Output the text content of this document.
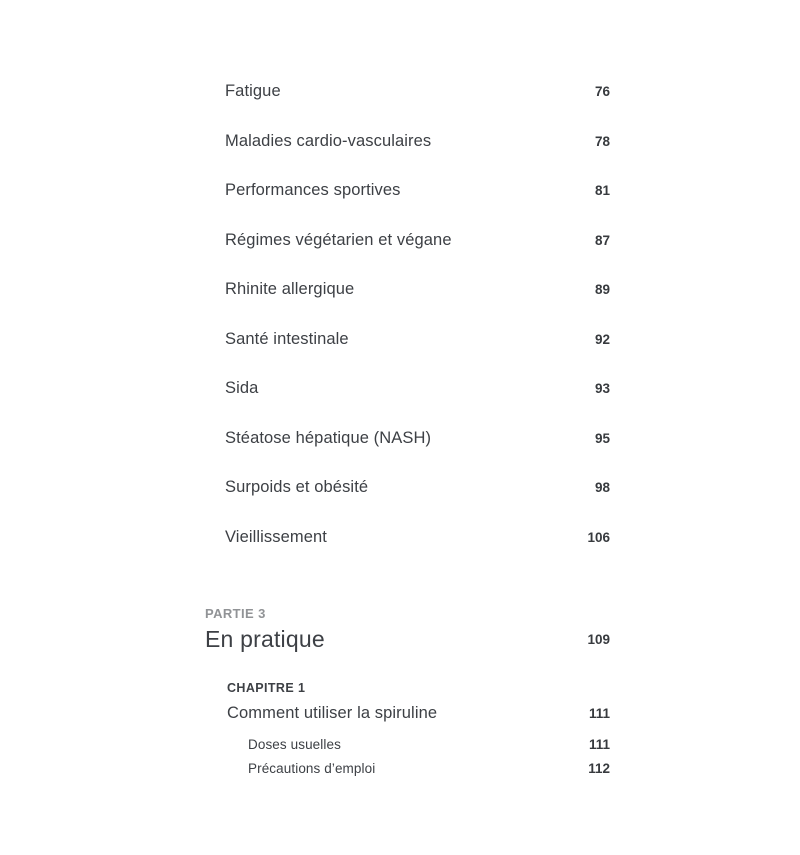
Fatigue	76
Maladies cardio-vasculaires	78
Performances sportives	81
Régimes végétarien et végane	87
Rhinite allergique	89
Santé intestinale	92
Sida	93
Stéatose hépatique (NASH)	95
Surpoids et obésité	98
Vieillissement	106
PARTIE 3
En pratique	109
CHAPITRE 1
Comment utiliser la spiruline	111
Doses usuelles	111
Précautions d’emploi	112
